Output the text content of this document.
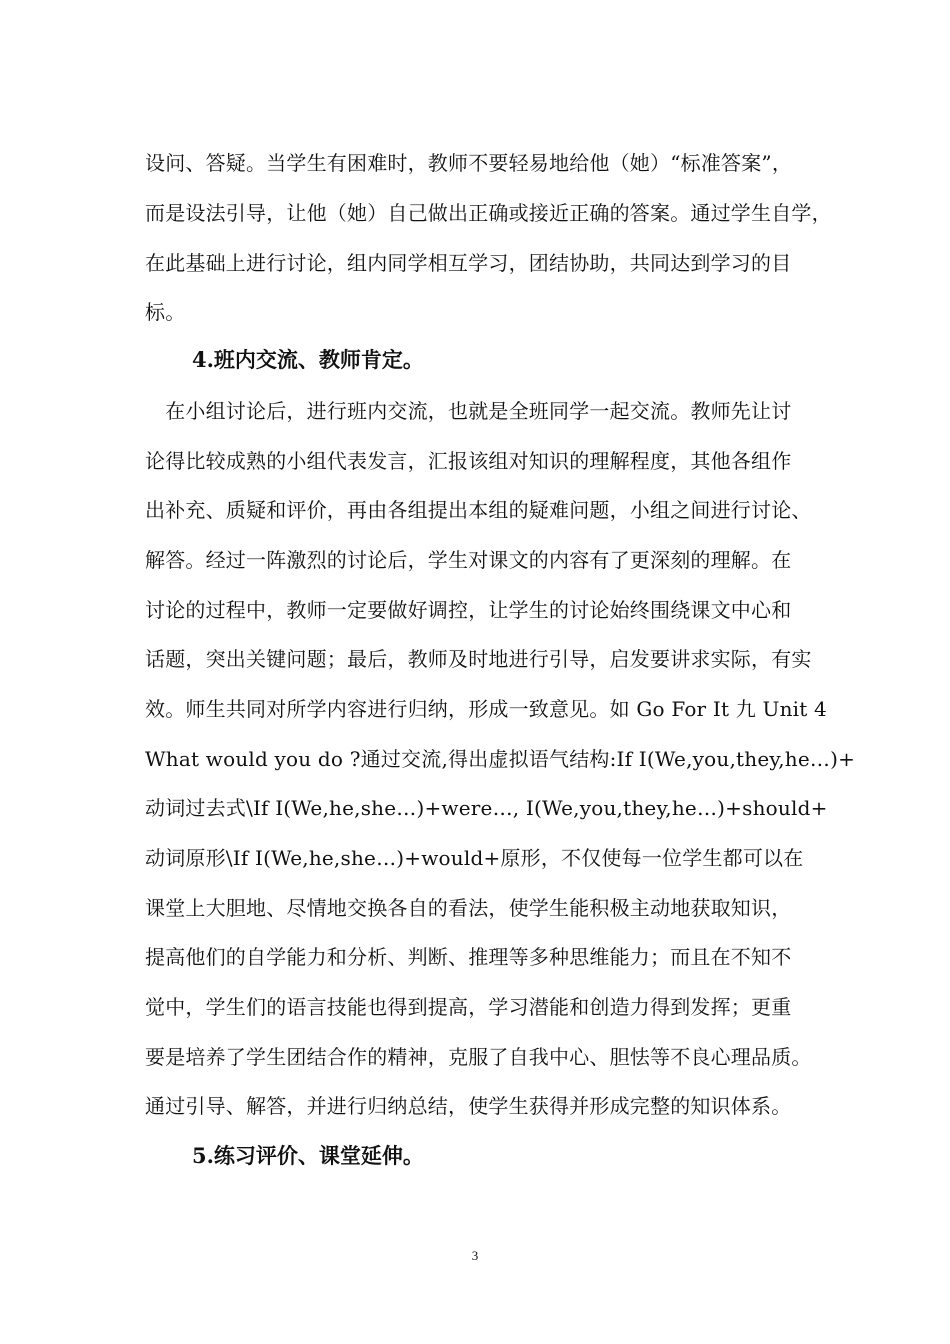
设问、答疑。当学生有困难时，教师不要轻易地给他（她）“标准答案”，
而是设法引导，让他（她）自己做出正确或接近正确的答案。通过学生自学，
在此基础上进行讨论，组内同学相互学习，团结协助，共同达到学习的目
标。
4.班内交流、教师肯定。
　在小组讨论后，进行班内交流，也就是全班同学一起交流。教师先让讨
论得比较成熟的小组代表发言，汇报该组对知识的理解程度，其他各组作
出补充、质疑和评价，再由各组提出本组的疑难问题，小组之间进行讨论、
解答。经过一阵激烈的讨论后，学生对课文的内容有了更深刻的理解。在
讨论的过程中，教师一定要做好调控，让学生的讨论始终围绕课文中心和
话题，突出关键问题；最后，教师及时地进行引导，启发要讲求实际，有实
效。师生共同对所学内容进行归纳，形成一致意见。如 Go For It 九 Unit 4
What would you do ?通过交流,得出虚拟语气结构:If I(We,you,they,he…)+
动词过去式\If I(We,he,she…)+were…, I(We,you,they,he…)+should+
动词原形\If I(We,he,she…)+would+原形，不仅使每一位学生都可以在
课堂上大胆地、尽情地交换各自的看法，使学生能积极主动地获取知识，
提高他们的自学能力和分析、判断、推理等多种思维能力；而且在不知不
觉中，学生们的语言技能也得到提高，学习潜能和创造力得到发挥；更重
要是培养了学生团结合作的精神，克服了自我中心、胆怯等不良心理品质。
通过引导、解答，并进行归纳总结，使学生获得并形成完整的知识体系。
5.练习评价、课堂延伸。
3
